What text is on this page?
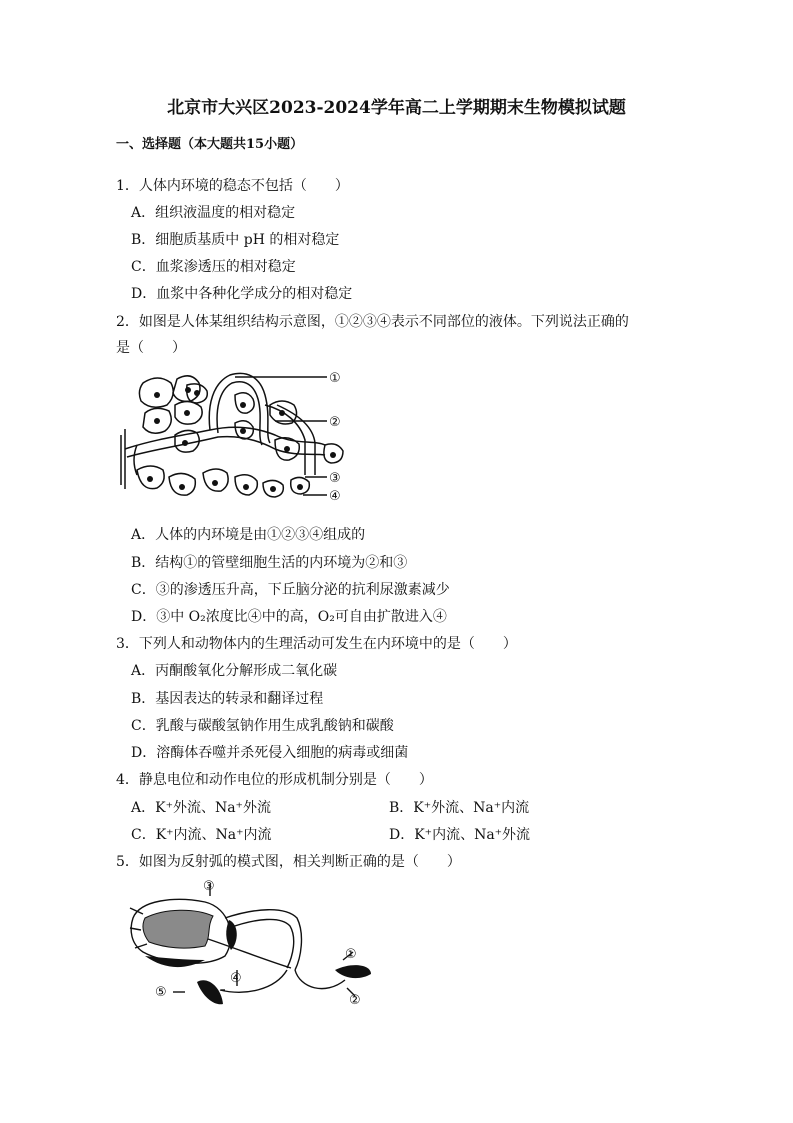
北京市大兴区2023-2024学年高二上学期期末生物模拟试题
一、选择题（本大题共15小题）
1．人体内环境的稳态不包括（　　）
A．组织液温度的相对稳定
B．细胞质基质中 pH 的相对稳定
C．血浆渗透压的相对稳定
D．血浆中各种化学成分的相对稳定
2．如图是人体某组织结构示意图，①②③④表示不同部位的液体。下列说法正确的
是（　　）
①
②
③
④
A．人体的内环境是由①②③④组成的
B．结构①的管壁细胞生活的内环境为②和③
C．③的渗透压升高，下丘脑分泌的抗利尿激素减少
D．③中 O₂浓度比④中的高，O₂可自由扩散进入④
3．下列人和动物体内的生理活动可发生在内环境中的是（　　）
A．丙酮酸氧化分解形成二氧化碳
B．基因表达的转录和翻译过程
C．乳酸与碳酸氢钠作用生成乳酸钠和碳酸
D．溶酶体吞噬并杀死侵入细胞的病毒或细菌
4．静息电位和动作电位的形成机制分别是（　　）
A．K⁺外流、Na⁺外流	B．K⁺外流、Na⁺内流
C．K⁺内流、Na⁺内流	D．K⁺内流、Na⁺外流
5．如图为反射弧的模式图，相关判断正确的是（　　）
③
①
④
⑤
②
